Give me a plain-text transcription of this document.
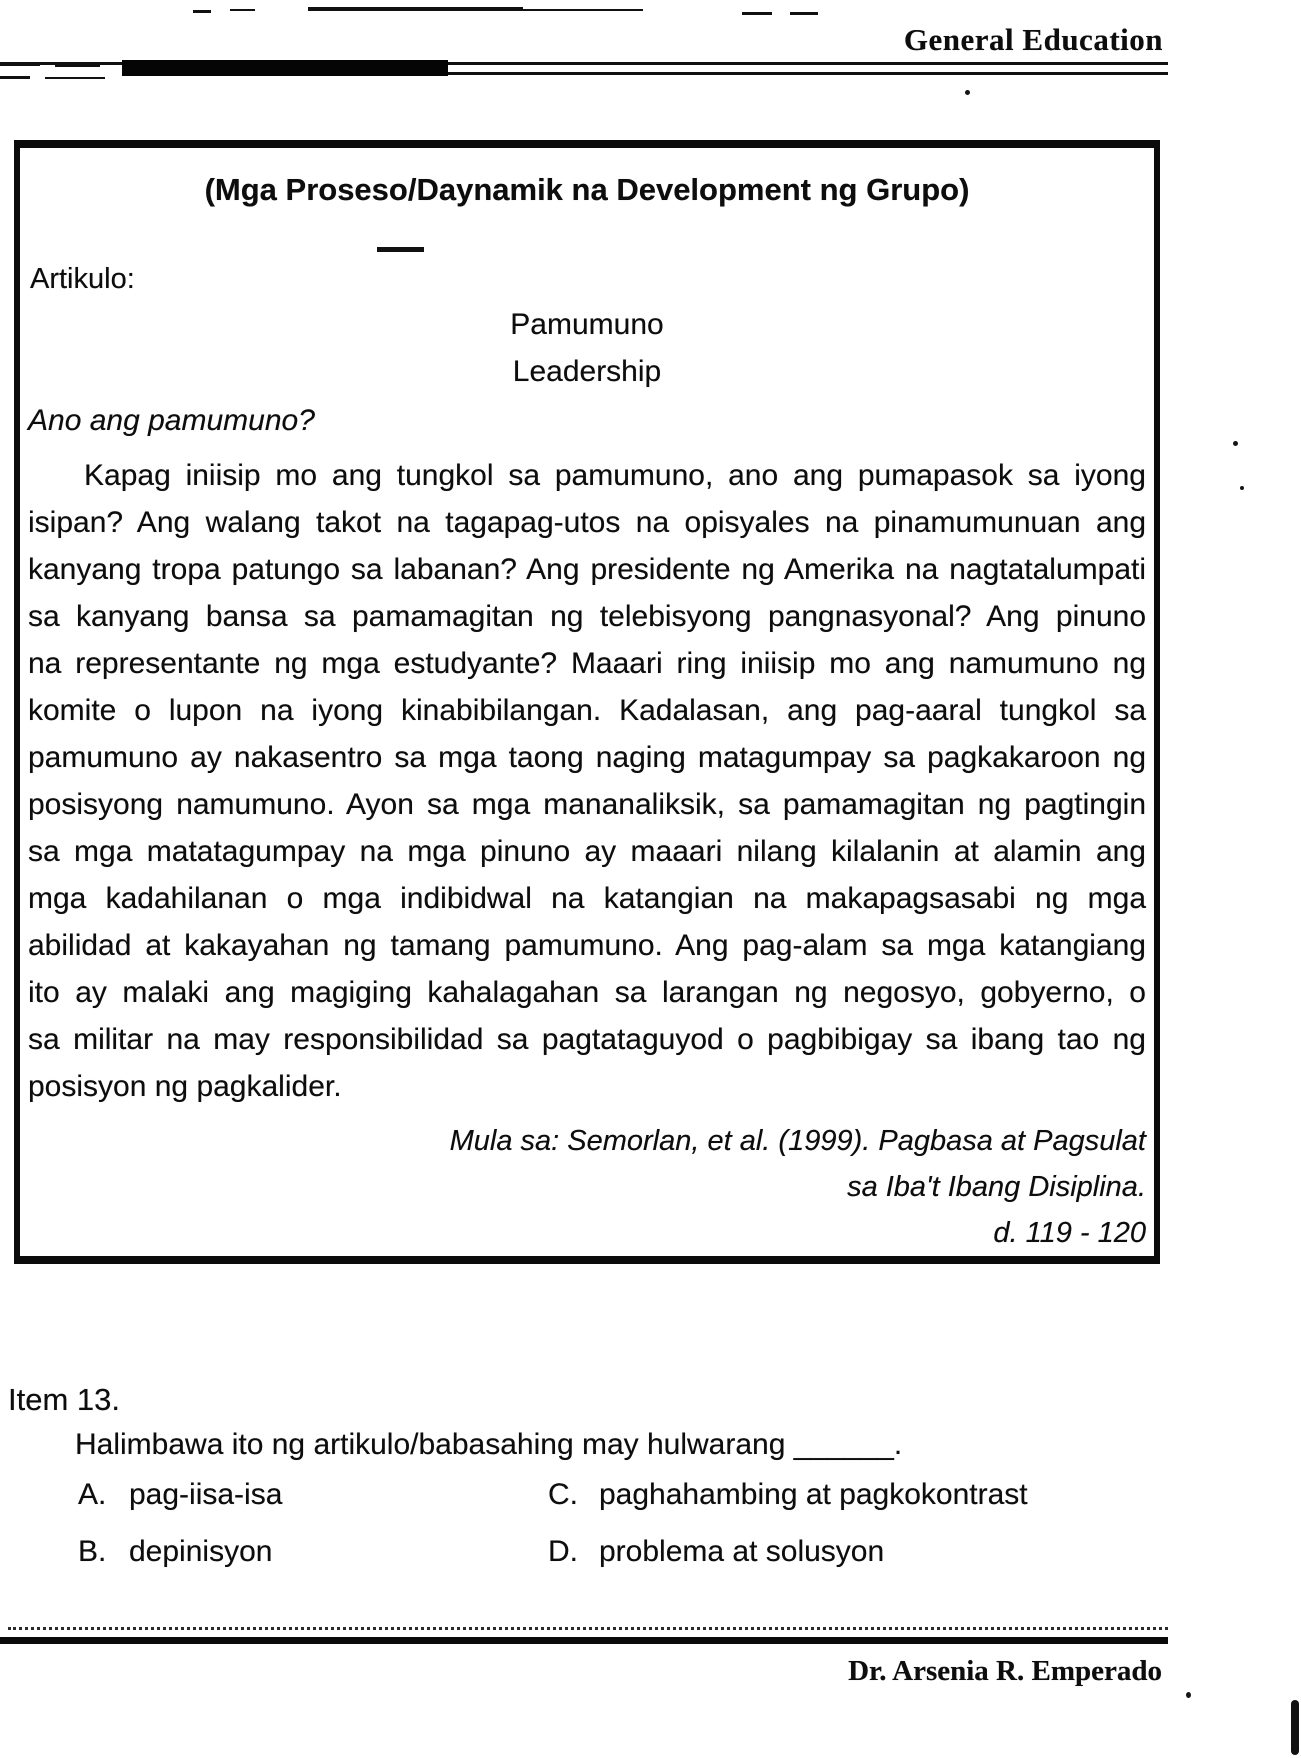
General Education
(Mga Proseso/Daynamik na Development ng Grupo)
Artikulo:
Pamumuno
Leadership
Ano ang pamumuno?
Kapag iniisip mo ang tungkol sa pamumuno, ano ang pumapasok sa iyong
isipan? Ang walang takot na tagapag-utos na opisyales na pinamumunuan ang
kanyang tropa patungo sa labanan? Ang presidente ng Amerika na nagtatalumpati
sa kanyang bansa sa pamamagitan ng telebisyong pangnasyonal? Ang pinuno
na representante ng mga estudyante? Maaari ring iniisip mo ang namumuno ng
komite o lupon na iyong kinabibilangan. Kadalasan, ang pag-aaral tungkol sa
pamumuno ay nakasentro sa mga taong naging matagumpay sa pagkakaroon ng
posisyong namumuno. Ayon sa mga mananaliksik, sa pamamagitan ng pagtingin
sa mga matatagumpay na mga pinuno ay maaari nilang kilalanin at alamin ang
mga kadahilanan o mga indibidwal na katangian na makapagsasabi ng mga
abilidad at kakayahan ng tamang pamumuno. Ang pag-alam sa mga katangiang
ito ay malaki ang magiging kahalagahan sa larangan ng negosyo, gobyerno, o
sa militar na may responsibilidad sa pagtataguyod o pagbibigay sa ibang tao ng
posisyon ng pagkalider.
Mula sa: Semorlan, et al. (1999). Pagbasa at Pagsulat
sa Iba't Ibang Disiplina.
d. 119 - 120
Item 13.
Halimbawa ito ng artikulo/babasahing may hulwarang ______.
A. pag-iisa-isa
B. depinisyon
C. paghahambing at pagkokontrast
D. problema at solusyon
Dr. Arsenia R. Emperado
